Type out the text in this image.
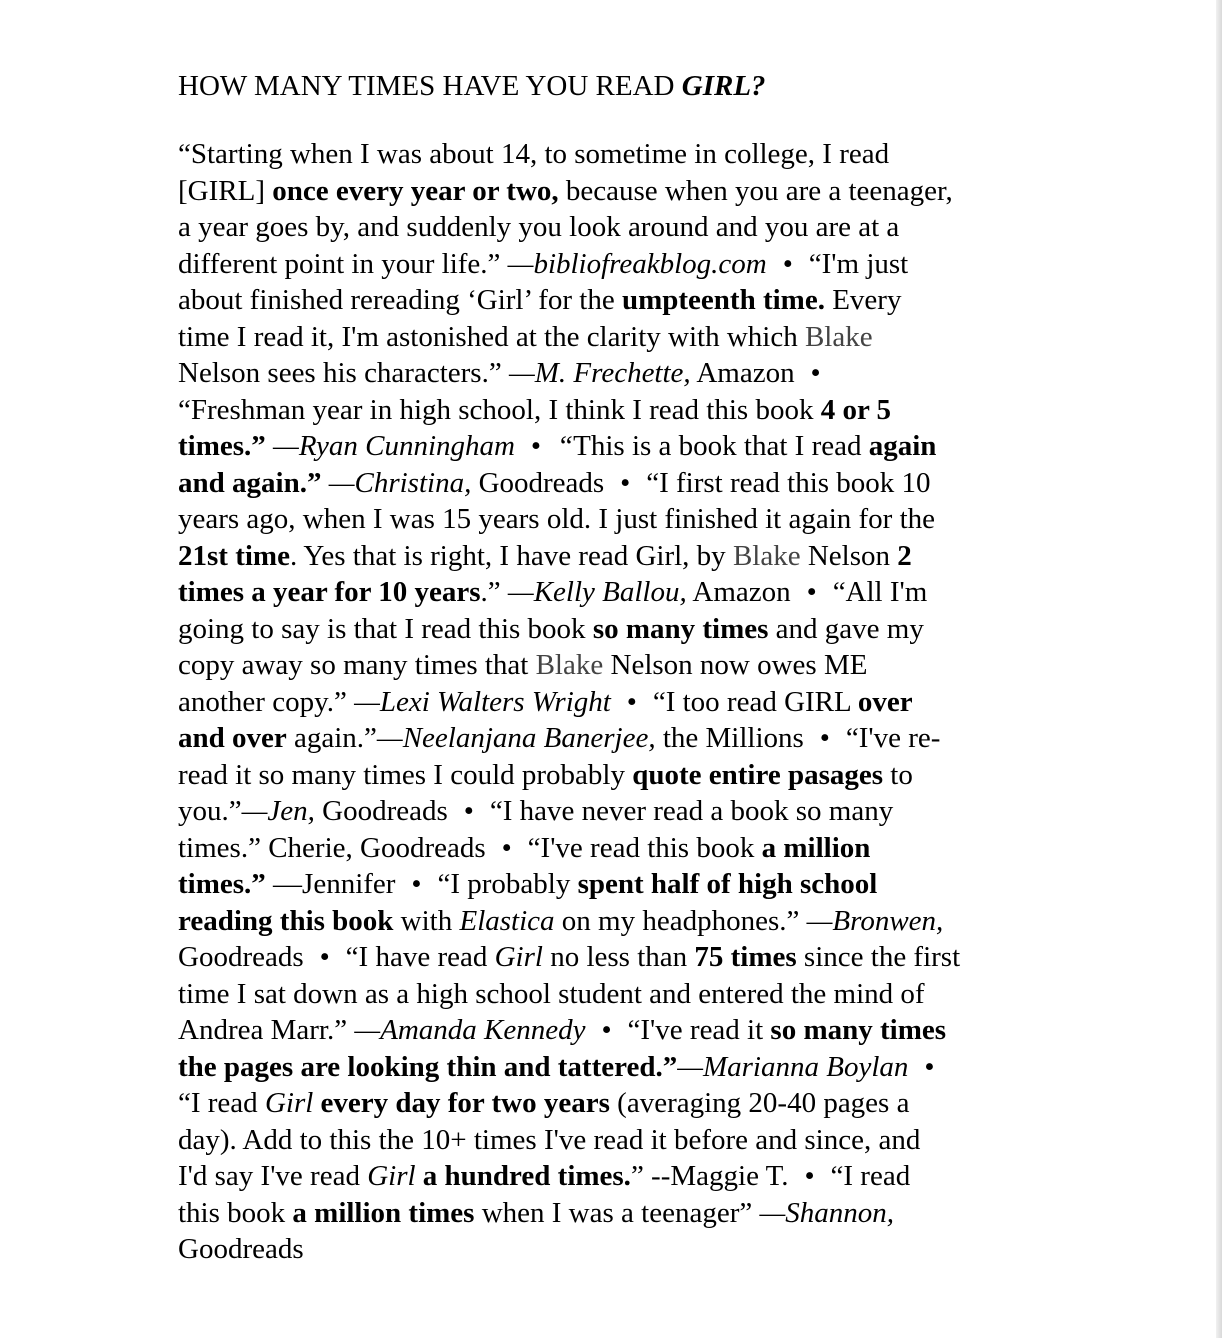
HOW MANY TIMES HAVE YOU READ GIRL?

“Starting when I was about 14, to sometime in college, I read
[GIRL] once every year or two, because when you are a teenager,
a year goes by, and suddenly you look around and you are at a
different point in your life.” —bibliofreakblog.com • “I'm just
about finished rereading ‘Girl’ for the umpteenth time. Every
time I read it, I'm astonished at the clarity with which Blake
Nelson sees his characters.” —M. Frechette, Amazon •
“Freshman year in high school, I think I read this book 4 or 5
times.” —Ryan Cunningham • “This is a book that I read again
and again.” —Christina, Goodreads • “I first read this book 10
years ago, when I was 15 years old. I just finished it again for the
21st time. Yes that is right, I have read Girl, by Blake Nelson 2
times a year for 10 years.” —Kelly Ballou, Amazon • “All I'm
going to say is that I read this book so many times and gave my
copy away so many times that Blake Nelson now owes ME
another copy.” —Lexi Walters Wright • “I too read GIRL over
and over again.”—Neelanjana Banerjee, the Millions • “I've re-
read it so many times I could probably quote entire pasages to
you.”—Jen, Goodreads • “I have never read a book so many
times.” Cherie, Goodreads • “I've read this book a million
times.” —Jennifer • “I probably spent half of high school
reading this book with Elastica on my headphones.” —Bronwen,
Goodreads • “I have read Girl no less than 75 times since the first
time I sat down as a high school student and entered the mind of
Andrea Marr.” —Amanda Kennedy • “I've read it so many times
the pages are looking thin and tattered.”—Marianna Boylan •
“I read Girl every day for two years (averaging 20-40 pages a
day). Add to this the 10+ times I've read it before and since, and
I'd say I've read Girl a hundred times.” --Maggie T. • “I read
this book a million times when I was a teenager” —Shannon,
Goodreads
